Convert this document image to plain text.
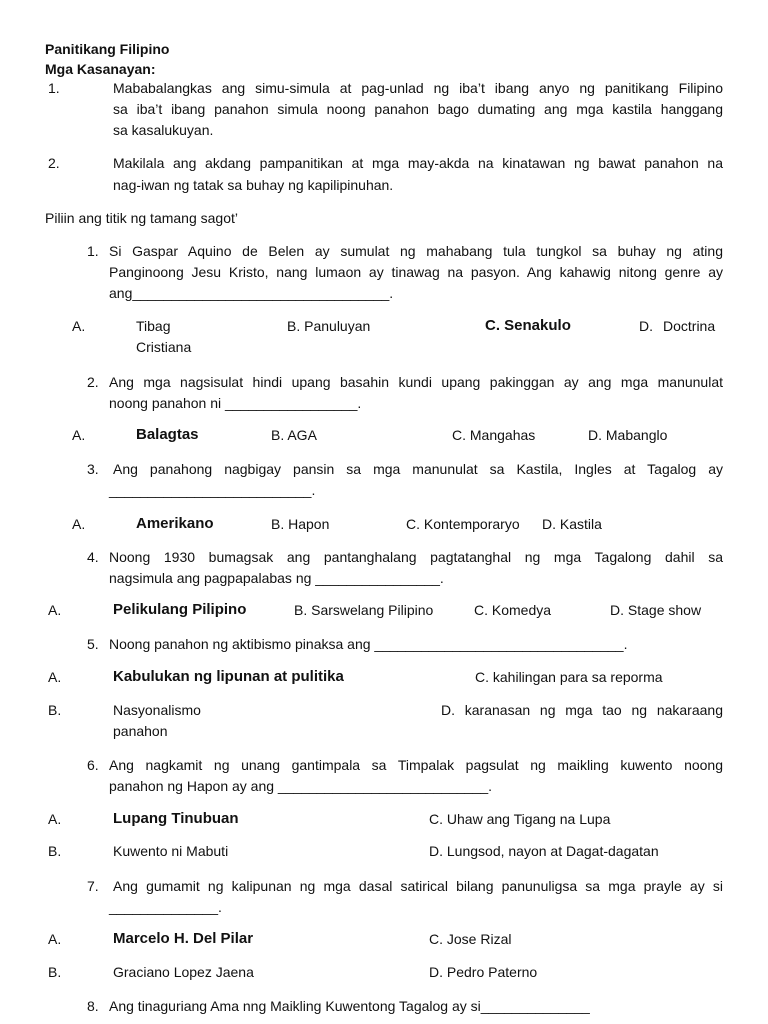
Panitikang Filipino
Mga Kasanayan:
1.	Mababalangkas ang simu-simula at pag-unlad ng iba’t ibang anyo ng panitikang Filipino
sa iba’t ibang panahon simula noong panahon bago dumating ang mga kastila hanggang
sa kasalukuyan.
2.	Makilala ang akdang pampanitikan at mga may-akda na kinatawan ng bawat panahon na
nag-iwan ng tatak sa buhay ng kapilipinuhan.
Piliin ang titik ng tamang sagot’
1. Si Gaspar Aquino de Belen ay sumulat ng mahabang tula tungkol sa buhay ng ating
Panginoong Jesu Kristo, nang lumaon ay tinawag na pasyon. Ang kahawig nitong genre ay
ang_________________________________.
A.	Tibag	B. Panuluyan	C. Senakulo	D. Doctrina
Cristiana
2. Ang mga nagsisulat hindi upang basahin kundi upang pakinggan ay ang mga manunulat
noong panahon ni _________________.
A.	Balagtas	B. AGA	C. Mangahas	D. Mabanglo
3. Ang panahong nagbigay pansin sa mga manunulat sa Kastila, Ingles at Tagalog ay
__________________________.
A.	Amerikano	B. Hapon	C. Kontemporaryo D. Kastila
4. Noong 1930 bumagsak ang pantanghalang pagtatanghal ng mga Tagalong dahil sa
nagsimula ang pagpapalabas ng ________________.
A.	Pelikulang Pilipino	B. Sarswelang Pilipino	C. Komedya	D. Stage show
5. Noong panahon ng aktibismo pinaksa ang ________________________________.
A.	Kabulukan ng lipunan at pulitika	C. kahilingan para sa reporma
B.	Nasyonalismo	D. karanasan ng mga tao ng nakaraang
panahon
6. Ang nagkamit ng unang gantimpala sa Timpalak pagsulat ng maikling kuwento noong
panahon ng Hapon ay ang ___________________________.
A.	Lupang Tinubuan	C. Uhaw ang Tigang na Lupa
B.	Kuwento ni Mabuti	D. Lungsod, nayon at Dagat-dagatan
7. Ang gumamit ng kalipunan ng mga dasal satirical bilang panunuligsa sa mga prayle ay si
______________.
A.	Marcelo H. Del Pilar	C. Jose Rizal
B.	Graciano Lopez Jaena	D. Pedro Paterno
8. Ang tinaguriang Ama nng Maikling Kuwentong Tagalog ay si______________
